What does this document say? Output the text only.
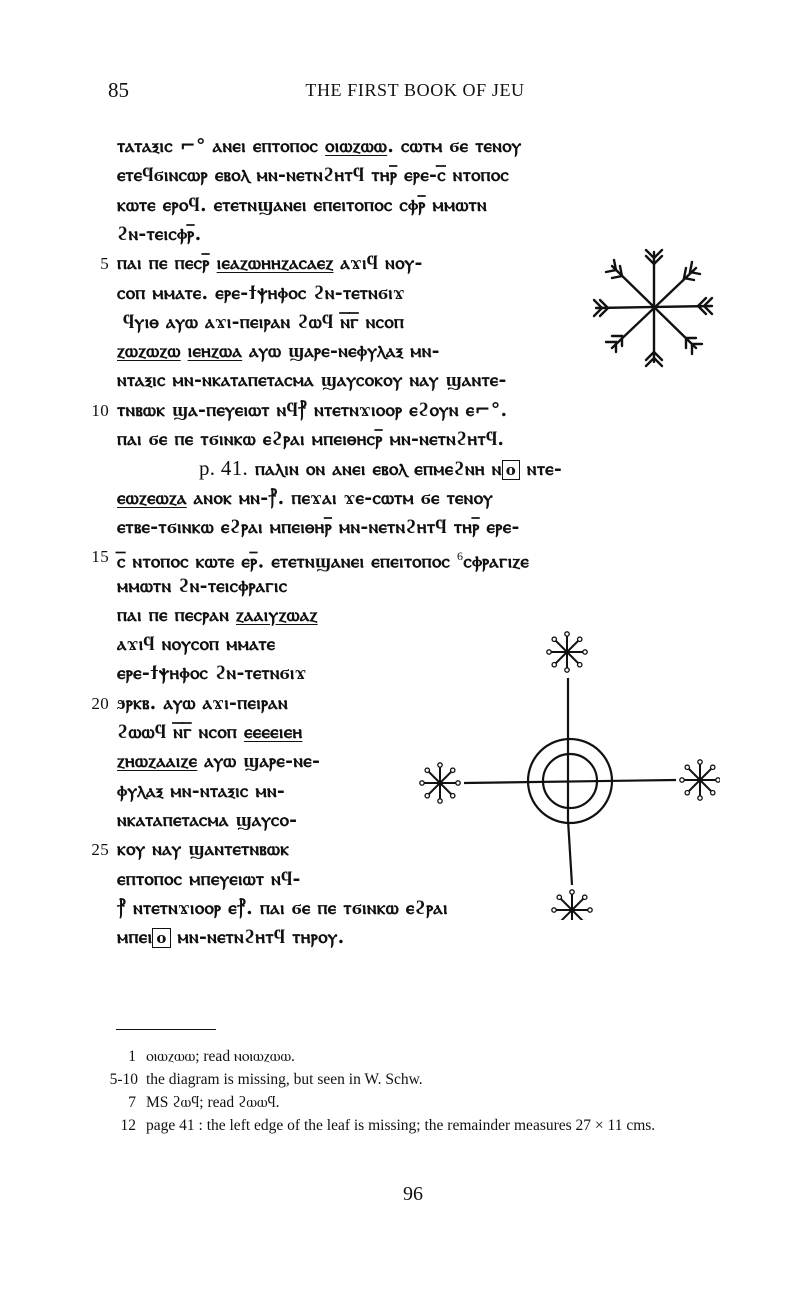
85	THE FIRST BOOK OF JEU
ⲧⲁⲧⲁⲝⲓⲥ ⌐° ⲁⲛⲉⲓ ⲉⲡⲧⲟⲡⲟⲥ ⲟⲓⲱⲍⲱⲱ. ⲥⲱⲧⲙ ϭⲉ ⲧⲉⲛⲟⲩ
ⲉⲧⲉϥϭⲓⲛⲥⲱⲣ ⲉⲃⲟⲗ ⲙⲛ-ⲛⲉⲧⲛϩⲏⲧϥ ⲧⲏⲣ̅ ⲉⲣⲉ-ⲥ̅ ⲛⲧⲟⲡⲟⲥ
ⲕⲱⲧⲉ ⲉⲣⲟϥ. ⲉⲧⲉⲧⲛϣⲁⲛⲉⲓ ⲉⲡⲉⲓⲧⲟⲡⲟⲥ ⲥⲫⲣ̅ ⲙⲙⲱⲧⲛ
ϩⲛ-ⲧⲉⲓⲥⲫⲣ̅.
5 ⲡⲁⲓ ⲡⲉ ⲡⲉⲥⲣ̅ ⲓⲉⲁⲍⲱⲏⲏⲍⲁⲥⲁⲉⲍ ⲁϫⲓϥ ⲛⲟⲩ-
ⲥⲟⲡ ⲙⲙⲁⲧⲉ. ⲉⲣⲉ-ϯⲯⲏⲫⲟⲥ ϩⲛ-ⲧⲉⲧⲛϭⲓϫ
ϥⲩⲓⲑ ⲁⲩⲱ ⲁϫⲓ-ⲡⲉⲓⲣⲁⲛ ϩⲱϥ ⲛ̅ⲅ̅ ⲛⲥⲟⲡ
ⲍⲱⲍⲱⲍⲱ ⲓⲉⲏⲍⲱⲁ ⲁⲩⲱ ϣⲁⲣⲉ-ⲛⲉⲫⲩⲗⲁⲝ ⲙⲛ-
ⲛⲧⲁⲝⲓⲥ ⲙⲛ-ⲛⲕⲁⲧⲁⲡⲉⲧⲁⲥⲙⲁ ϣⲁⲩⲥⲟⲕⲟⲩ ⲛⲁⲩ ϣⲁⲛⲧⲉ-
10 ⲧⲛⲃⲱⲕ ϣⲁ-ⲡⲉⲩⲉⲓⲱⲧ ⲛϥ⳨ ⲛⲧⲉⲧⲛϫⲓⲟⲟⲣ ⲉϩⲟⲩⲛ ⲉ⌐°.
ⲡⲁⲓ ϭⲉ ⲡⲉ ⲧϭⲓⲛⲕⲱ ⲉϩⲣⲁⲓ ⲙⲡⲉⲓⲑⲏⲥⲣ̅ ⲙⲛ-ⲛⲉⲧⲛϩⲏⲧϥ.
p. 41. ⲡⲁⲗⲓⲛ ⲟⲛ ⲁⲛⲉⲓ ⲉⲃⲟⲗ ⲉⲡⲙⲉϩⲛⲏ ⲛ o ⲛⲧⲉ-
ⲉⲱⲍⲉⲱⲍⲁ ⲁⲛⲟⲕ ⲙⲛ-⳨. ⲡⲉϫⲁⲓ ϫⲉ-ⲥⲱⲧⲙ ϭⲉ ⲧⲉⲛⲟⲩ
ⲉⲧⲃⲉ-ⲧϭⲓⲛⲕⲱ ⲉϩⲣⲁⲓ ⲙⲡⲉⲓⲑⲏⲣ̅ ⲙⲛ-ⲛⲉⲧⲛϩⲏⲧϥ ⲧⲏⲣ̅ ⲉⲣⲉ-
15 ⲥ̅ ⲛⲧⲟⲡⲟⲥ ⲕⲱⲧⲉ ⲉⲣ̅. ⲉⲧⲉⲧⲛϣⲁⲛⲉⲓ ⲉⲡⲉⲓⲧⲟⲡⲟⲥ $^6$ⲥⲫⲣⲁⲅⲓⲍⲉ
ⲙⲙⲱⲧⲛ ϩⲛ-ⲧⲉⲓⲥⲫⲣⲁⲅⲓⲥ
ⲡⲁⲓ ⲡⲉ ⲡⲉⲥⲣⲁⲛ ⲍⲁⲁⲓⲩⲍⲱⲁⲍ
ⲁϫⲓϥ ⲛⲟⲩⲥⲟⲡ ⲙⲙⲁⲧⲉ
ⲉⲣⲉ-ϯⲯⲏⲫⲟⲥ ϩⲛ-ⲧⲉⲧⲛϭⲓϫ
20 ϧⲣⲕⲃ. ⲁⲩⲱ ⲁϫⲓ-ⲡⲉⲓⲣⲁⲛ
ϩⲱⲱϥ ⲛ̅ⲅ̅ ⲛⲥⲟⲡ ⲉⲉⲉⲉⲓⲉⲏ
ⲍⲏⲱⲍⲁⲁⲓⲍⲉ ⲁⲩⲱ ϣⲁⲣⲉ-ⲛⲉ-
ⲫⲩⲗⲁⲝ ⲙⲛ-ⲛⲧⲁⲝⲓⲥ ⲙⲛ-
ⲛⲕⲁⲧⲁⲡⲉⲧⲁⲥⲙⲁ ϣⲁⲩⲥⲟ-
25 ⲕⲟⲩ ⲛⲁⲩ ϣⲁⲛⲧⲉⲧⲛⲃⲱⲕ
ⲉⲡⲧⲟⲡⲟⲥ ⲙⲡⲉⲩⲉⲓⲱⲧ ⲛϥ-
⳨ ⲛⲧⲉⲧⲛϫⲓⲟⲟⲣ ⲉ⳨. ⲡⲁⲓ ϭⲉ ⲡⲉ ⲧϭⲓⲛⲕⲱ ⲉϩⲣⲁⲓ
ⲙⲡⲉⲓ o ⲙⲛ-ⲛⲉⲧⲛϩⲏⲧϥ ⲧⲏⲣⲟⲩ.
1 ⲟⲓⲱⲍⲱⲱ; read ⲛⲟⲓⲱⲍⲱⲱ.
5-10 the diagram is missing, but seen in W. Schw.
7 MS ϩⲱϥ; read ϩⲱⲱϥ.
12 page 41 : the left edge of the leaf is missing; the remainder measures 27 × 11 cms.
96
